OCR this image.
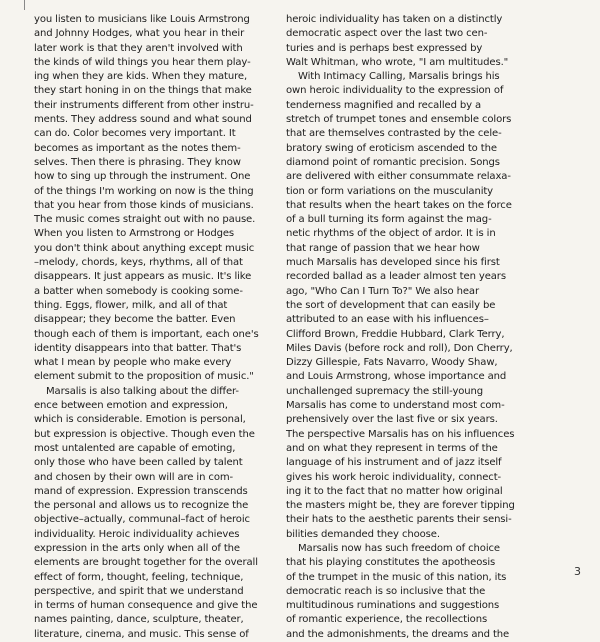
you listen to musicians like Louis Armstrong
and Johnny Hodges, what you hear in their
later work is that they aren't involved with
the kinds of wild things you hear them play-
ing when they are kids. When they mature,
they start honing in on the things that make
their instruments different from other instru-
ments. They address sound and what sound
can do. Color becomes very important. It
becomes as important as the notes them-
selves. Then there is phrasing. They know
how to sing up through the instrument. One
of the things I'm working on now is the thing
that you hear from those kinds of musicians.
The music comes straight out with no pause.
When you listen to Armstrong or Hodges
you don't think about anything except music
–melody, chords, keys, rhythms, all of that
disappears. It just appears as music. It's like
a batter when somebody is cooking some-
thing. Eggs, flower, milk, and all of that
disappear; they become the batter. Even
though each of them is important, each one's
identity disappears into that batter. That's
what I mean by people who make every
element submit to the proposition of music."

Marsalis is also talking about the differ-
ence between emotion and expression,
which is considerable. Emotion is personal,
but expression is objective. Though even the
most untalented are capable of emoting,
only those who have been called by talent
and chosen by their own will are in com-
mand of expression. Expression transcends
the personal and allows us to recognize the
objective–actually, communal–fact of heroic
individuality. Heroic individuality achieves
expression in the arts only when all of the
elements are brought together for the overall
effect of form, thought, feeling, technique,
perspective, and spirit that we understand
in terms of human consequence and give the
names painting, dance, sculpture, theater,
literature, cinema, and music. This sense of

heroic individuality has taken on a distinctly
democratic aspect over the last two cen-
turies and is perhaps best expressed by
Walt Whitman, who wrote, "I am multitudes."

With Intimacy Calling, Marsalis brings his
own heroic individuality to the expression of
tenderness magnified and recalled by a
stretch of trumpet tones and ensemble colors
that are themselves contrasted by the cele-
bratory swing of eroticism ascended to the
diamond point of romantic precision. Songs
are delivered with either consummate relaxa-
tion or form variations on the musculanity
that results when the heart takes on the force
of a bull turning its form against the mag-
netic rhythms of the object of ardor. It is in
that range of passion that we hear how
much Marsalis has developed since his first
recorded ballad as a leader almost ten years
ago, "Who Can I Turn To?" We also hear
the sort of development that can easily be
attributed to an ease with his influences–
Clifford Brown, Freddie Hubbard, Clark Terry,
Miles Davis (before rock and roll), Don Cherry,
Dizzy Gillespie, Fats Navarro, Woody Shaw,
and Louis Armstrong, whose importance and
unchallenged supremacy the still-young
Marsalis has come to understand most com-
prehensively over the last five or six years.
The perspective Marsalis has on his influences
and on what they represent in terms of the
language of his instrument and of jazz itself
gives his work heroic individuality, connect-
ing it to the fact that no matter how original
the masters might be, they are forever tipping
their hats to the aesthetic parents their sensi-
bilities demanded they choose.

Marsalis now has such freedom of choice
that his playing constitutes the apotheosis
of the trumpet in the music of this nation, its
democratic reach is so inclusive that the
multitudinous ruminations and suggestions
of romantic experience, the recollections
and the admonishments, the dreams and the

3
